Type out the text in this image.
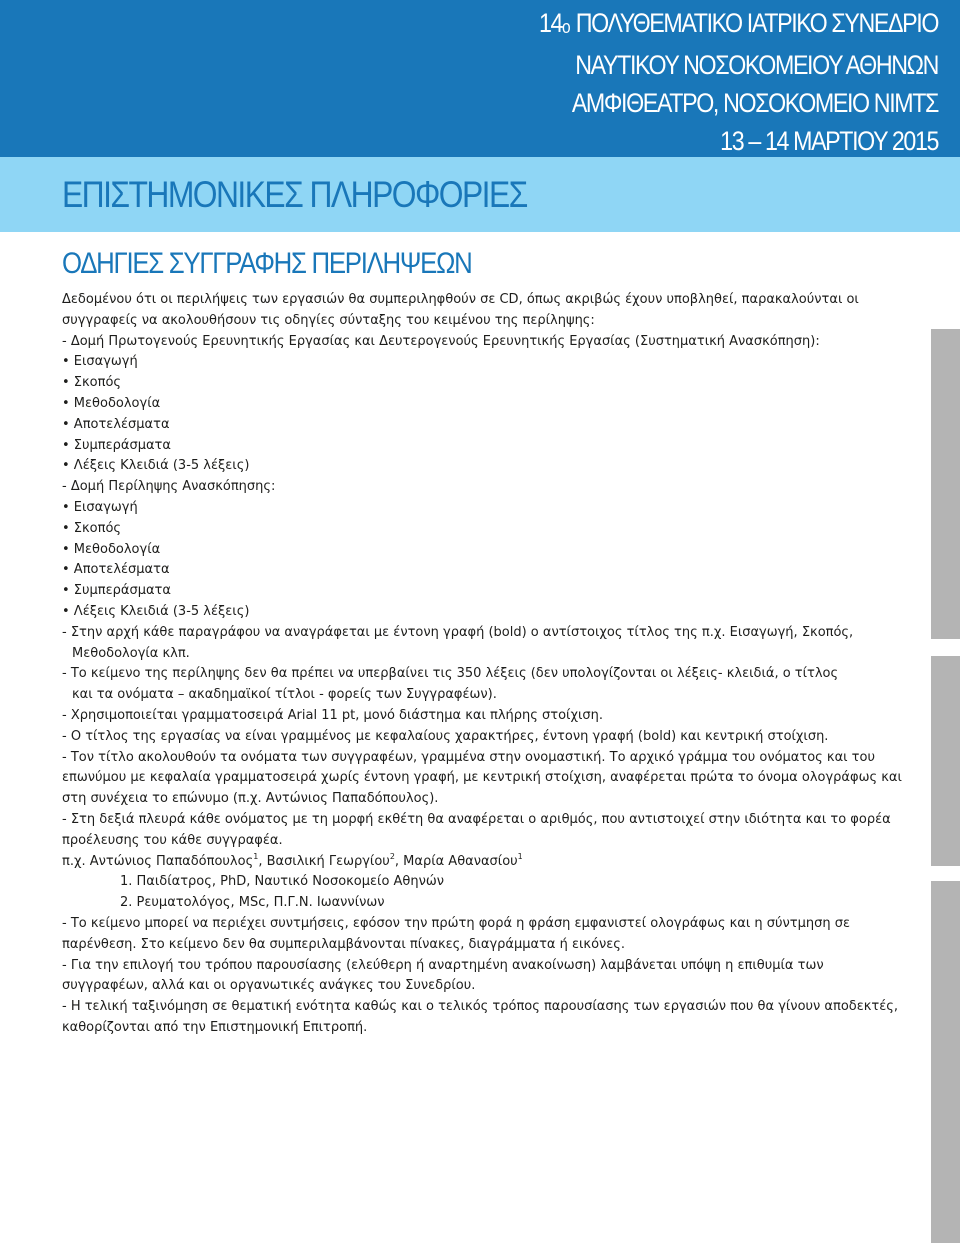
$14_o$ ΠΟΛΥΘΕΜΑΤΙΚΟ ΙΑΤΡΙΚΟ ΣΥΝΕΔΡΙΟ
ΝΑΥΤΙΚΟΥ ΝΟΣΟΚΟΜΕΙΟΥ ΑΘΗΝΩΝ
ΑΜΦΙΘΕΑΤΡΟ, ΝΟΣΟΚΟΜΕΙΟ ΝΙΜΤΣ
13 – 14 ΜΑΡΤΙΟΥ 2015
ΕΠΙΣΤΗΜΟΝΙΚΕΣ ΠΛΗΡΟΦΟΡΙΕΣ
ΟΔΗΓΙΕΣ ΣΥΓΓΡΑΦΗΣ ΠΕΡΙΛΗΨΕΩΝ
Δεδομένου ότι οι περιλήψεις των εργασιών θα συμπεριληφθούν σε CD, όπως ακριβώς έχουν υποβληθεί, παρακαλούνται οι
συγγραφείς να ακολουθήσουν τις οδηγίες σύνταξης του κειμένου της περίληψης:
- Δομή Πρωτογενούς Ερευνητικής Εργασίας και Δευτερογενούς Ερευνητικής Εργασίας (Συστηματική Ανασκόπηση):
• Εισαγωγή
• Σκοπός
• Μεθοδολογία
• Αποτελέσματα
• Συμπεράσματα
• Λέξεις Κλειδιά (3-5 λέξεις)
- Δομή Περίληψης Ανασκόπησης:
• Εισαγωγή
• Σκοπός
• Μεθοδολογία
• Αποτελέσματα
• Συμπεράσματα
• Λέξεις Κλειδιά (3-5 λέξεις)
- Στην αρχή κάθε παραγράφου να αναγράφεται με έντονη γραφή (bold) ο αντίστοιχος τίτλος της π.χ. Εισαγωγή, Σκοπός,
Μεθοδολογία κλπ.
- Το κείμενο της περίληψης δεν θα πρέπει να υπερβαίνει τις 350 λέξεις (δεν υπολογίζονται οι λέξεις- κλειδιά, ο τίτλος
και τα ονόματα – ακαδημαϊκοί τίτλοι - φορείς των Συγγραφέων).
- Χρησιμοποιείται γραμματοσειρά Arial 11 pt, μονό διάστημα και πλήρης στοίχιση.
- Ο τίτλος της εργασίας να είναι γραμμένος με κεφαλαίους χαρακτήρες, έντονη γραφή (bold) και κεντρική στοίχιση.
- Τον τίτλο ακολουθούν τα ονόματα των συγγραφέων, γραμμένα στην ονομαστική. Το αρχικό γράμμα του ονόματος και του
επωνύμου με κεφαλαία γραμματοσειρά χωρίς έντονη γραφή, με κεντρική στοίχιση, αναφέρεται πρώτα το όνομα ολογράφως και
στη συνέχεια το επώνυμο (π.χ. Αντώνιος Παπαδόπουλος).
- Στη δεξιά πλευρά κάθε ονόματος με τη μορφή εκθέτη θα αναφέρεται ο αριθμός, που αντιστοιχεί στην ιδιότητα και το φορέα
προέλευσης του κάθε συγγραφέα.
π.χ. Αντώνιος Παπαδόπουλος$^1$, Βασιλική Γεωργίου$^2$, Μαρία Αθανασίου$^1$
1. Παιδίατρος, PhD, Ναυτικό Νοσοκομείο Αθηνών
2. Ρευματολόγος, MSc, Π.Γ.Ν. Ιωαννίνων
- Το κείμενο μπορεί να περιέχει συντμήσεις, εφόσον την πρώτη φορά η φράση εμφανιστεί ολογράφως και η σύντμηση σε
παρένθεση. Στο κείμενο δεν θα συμπεριλαμβάνονται πίνακες, διαγράμματα ή εικόνες.
- Για την επιλογή του τρόπου παρουσίασης (ελεύθερη ή αναρτημένη ανακοίνωση) λαμβάνεται υπόψη η επιθυμία των
συγγραφέων, αλλά και οι οργανωτικές ανάγκες του Συνεδρίου.
- Η τελική ταξινόμηση σε θεματική ενότητα καθώς και ο τελικός τρόπος παρουσίασης των εργασιών που θα γίνουν αποδεκτές,
καθορίζονται από την Επιστημονική Επιτροπή.
